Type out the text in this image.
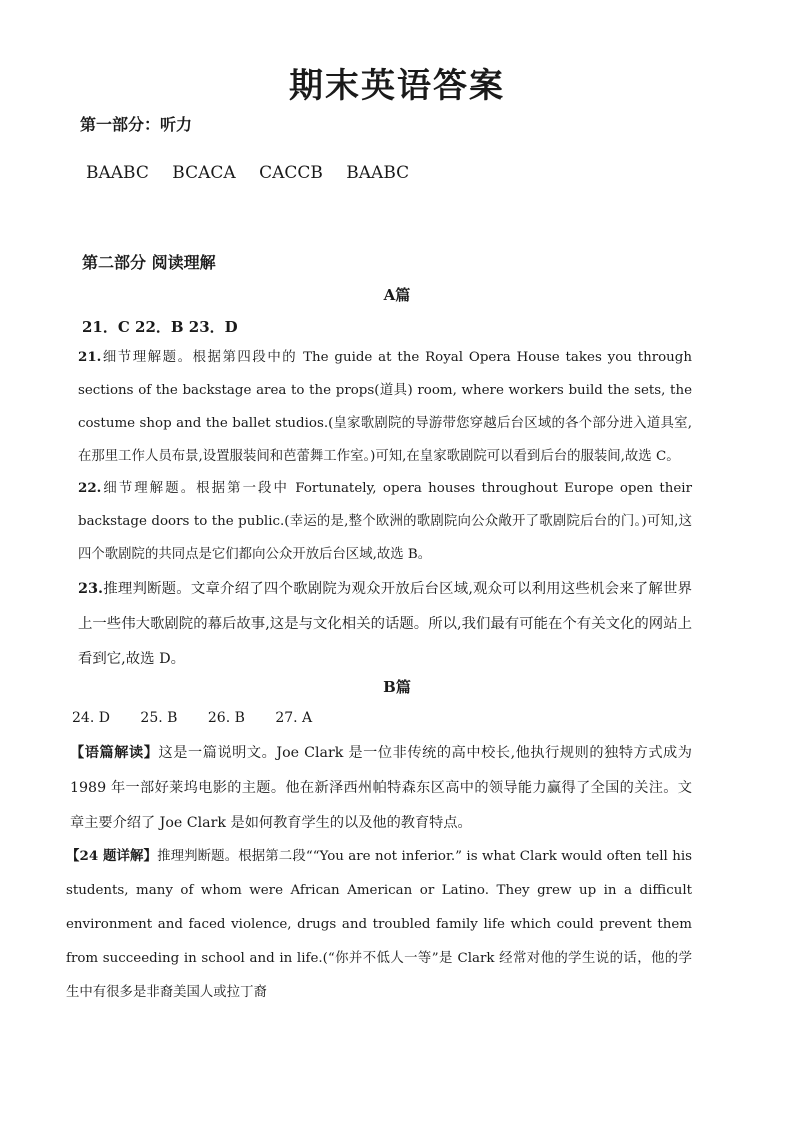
期末英语答案
第一部分：听力
BAABC BCACA CACCB BAABC
第二部分 阅读理解
A篇
21．C 22．B 23．D
21.细节理解题。根据第四段中的 The guide at the Royal Opera House takes you through sections of the backstage area to the props(道具) room, where workers build the sets, the costume shop and the ballet studios.(皇家歌剧院的导游带您穿越后台区域的各个部分进入道具室,在那里工作人员布景,设置服装间和芭蕾舞工作室。)可知,在皇家歌剧院可以看到后台的服装间,故选 C。
22.细节理解题。根据第一段中 Fortunately, opera houses throughout Europe open their backstage doors to the public.(幸运的是,整个欧洲的歌剧院向公众敞开了歌剧院后台的门。)可知,这四个歌剧院的共同点是它们都向公众开放后台区域,故选 B。
23.推理判断题。文章介绍了四个歌剧院为观众开放后台区域,观众可以利用这些机会来了解世界上一些伟大歌剧院的幕后故事,这是与文化相关的话题。所以,我们最有可能在个有关文化的网站上看到它,故选 D。
B篇
24. D 25. B 26. B 27. A
【语篇解读】这是一篇说明文。Joe Clark 是一位非传统的高中校长,他执行规则的独特方式成为 1989 年一部好莱坞电影的主题。他在新泽西州帕特森东区高中的领导能力赢得了全国的关注。文章主要介绍了 Joe Clark 是如何教育学生的以及他的教育特点。
【24 题详解】推理判断题。根据第二段““You are not inferior.” is what Clark would often tell his students, many of whom were African American or Latino. They grew up in a difficult environment and faced violence, drugs and troubled family life which could prevent them from succeeding in school and in life.(“你并不低人一等”是 Clark 经常对他的学生说的话，他的学生中有很多是非裔美国人或拉丁裔
